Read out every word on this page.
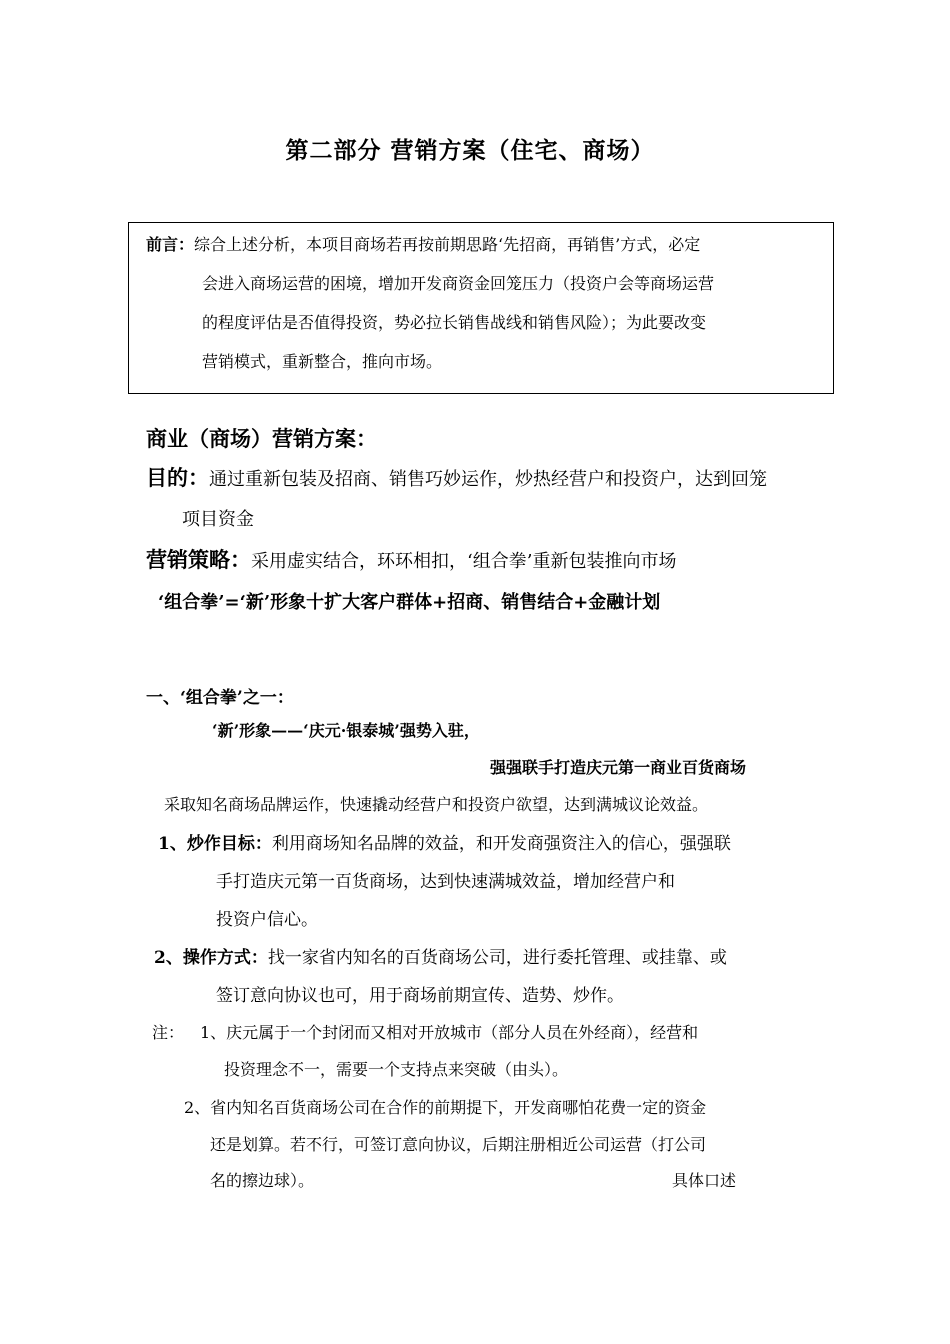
第二部分 营销方案（住宅、商场）
前言：综合上述分析，本项目商场若再按前期思路‘先招商，再销售’方式，必定
会进入商场运营的困境，增加开发商资金回笼压力（投资户会等商场运营
的程度评估是否值得投资，势必拉长销售战线和销售风险）；为此要改变
营销模式，重新整合，推向市场。
商业（商场）营销方案：
目的：通过重新包装及招商、销售巧妙运作，炒热经营户和投资户，达到回笼
项目资金
营销策略：采用虚实结合，环环相扣，‘组合拳’重新包装推向市场
‘组合拳’=‘新’形象十扩大客户群体+招商、销售结合+金融计划
一、‘组合拳’之一：
‘新’形象——‘庆元·银泰城’强势入驻，
强强联手打造庆元第一商业百货商场
采取知名商场品牌运作，快速撬动经营户和投资户欲望，达到满城议论效益。
1、炒作目标：利用商场知名品牌的效益，和开发商强资注入的信心，强强联
手打造庆元第一百货商场，达到快速满城效益，增加经营户和
投资户信心。
2、操作方式：找一家省内知名的百货商场公司，进行委托管理、或挂靠、或
签订意向协议也可，用于商场前期宣传、造势、炒作。
注： 1、庆元属于一个封闭而又相对开放城市（部分人员在外经商），经营和
投资理念不一，需要一个支持点来突破（由头）。
2、省内知名百货商场公司在合作的前期提下，开发商哪怕花费一定的资金
还是划算。若不行，可签订意向协议，后期注册相近公司运营（打公司
名的擦边球）。	具体口述
